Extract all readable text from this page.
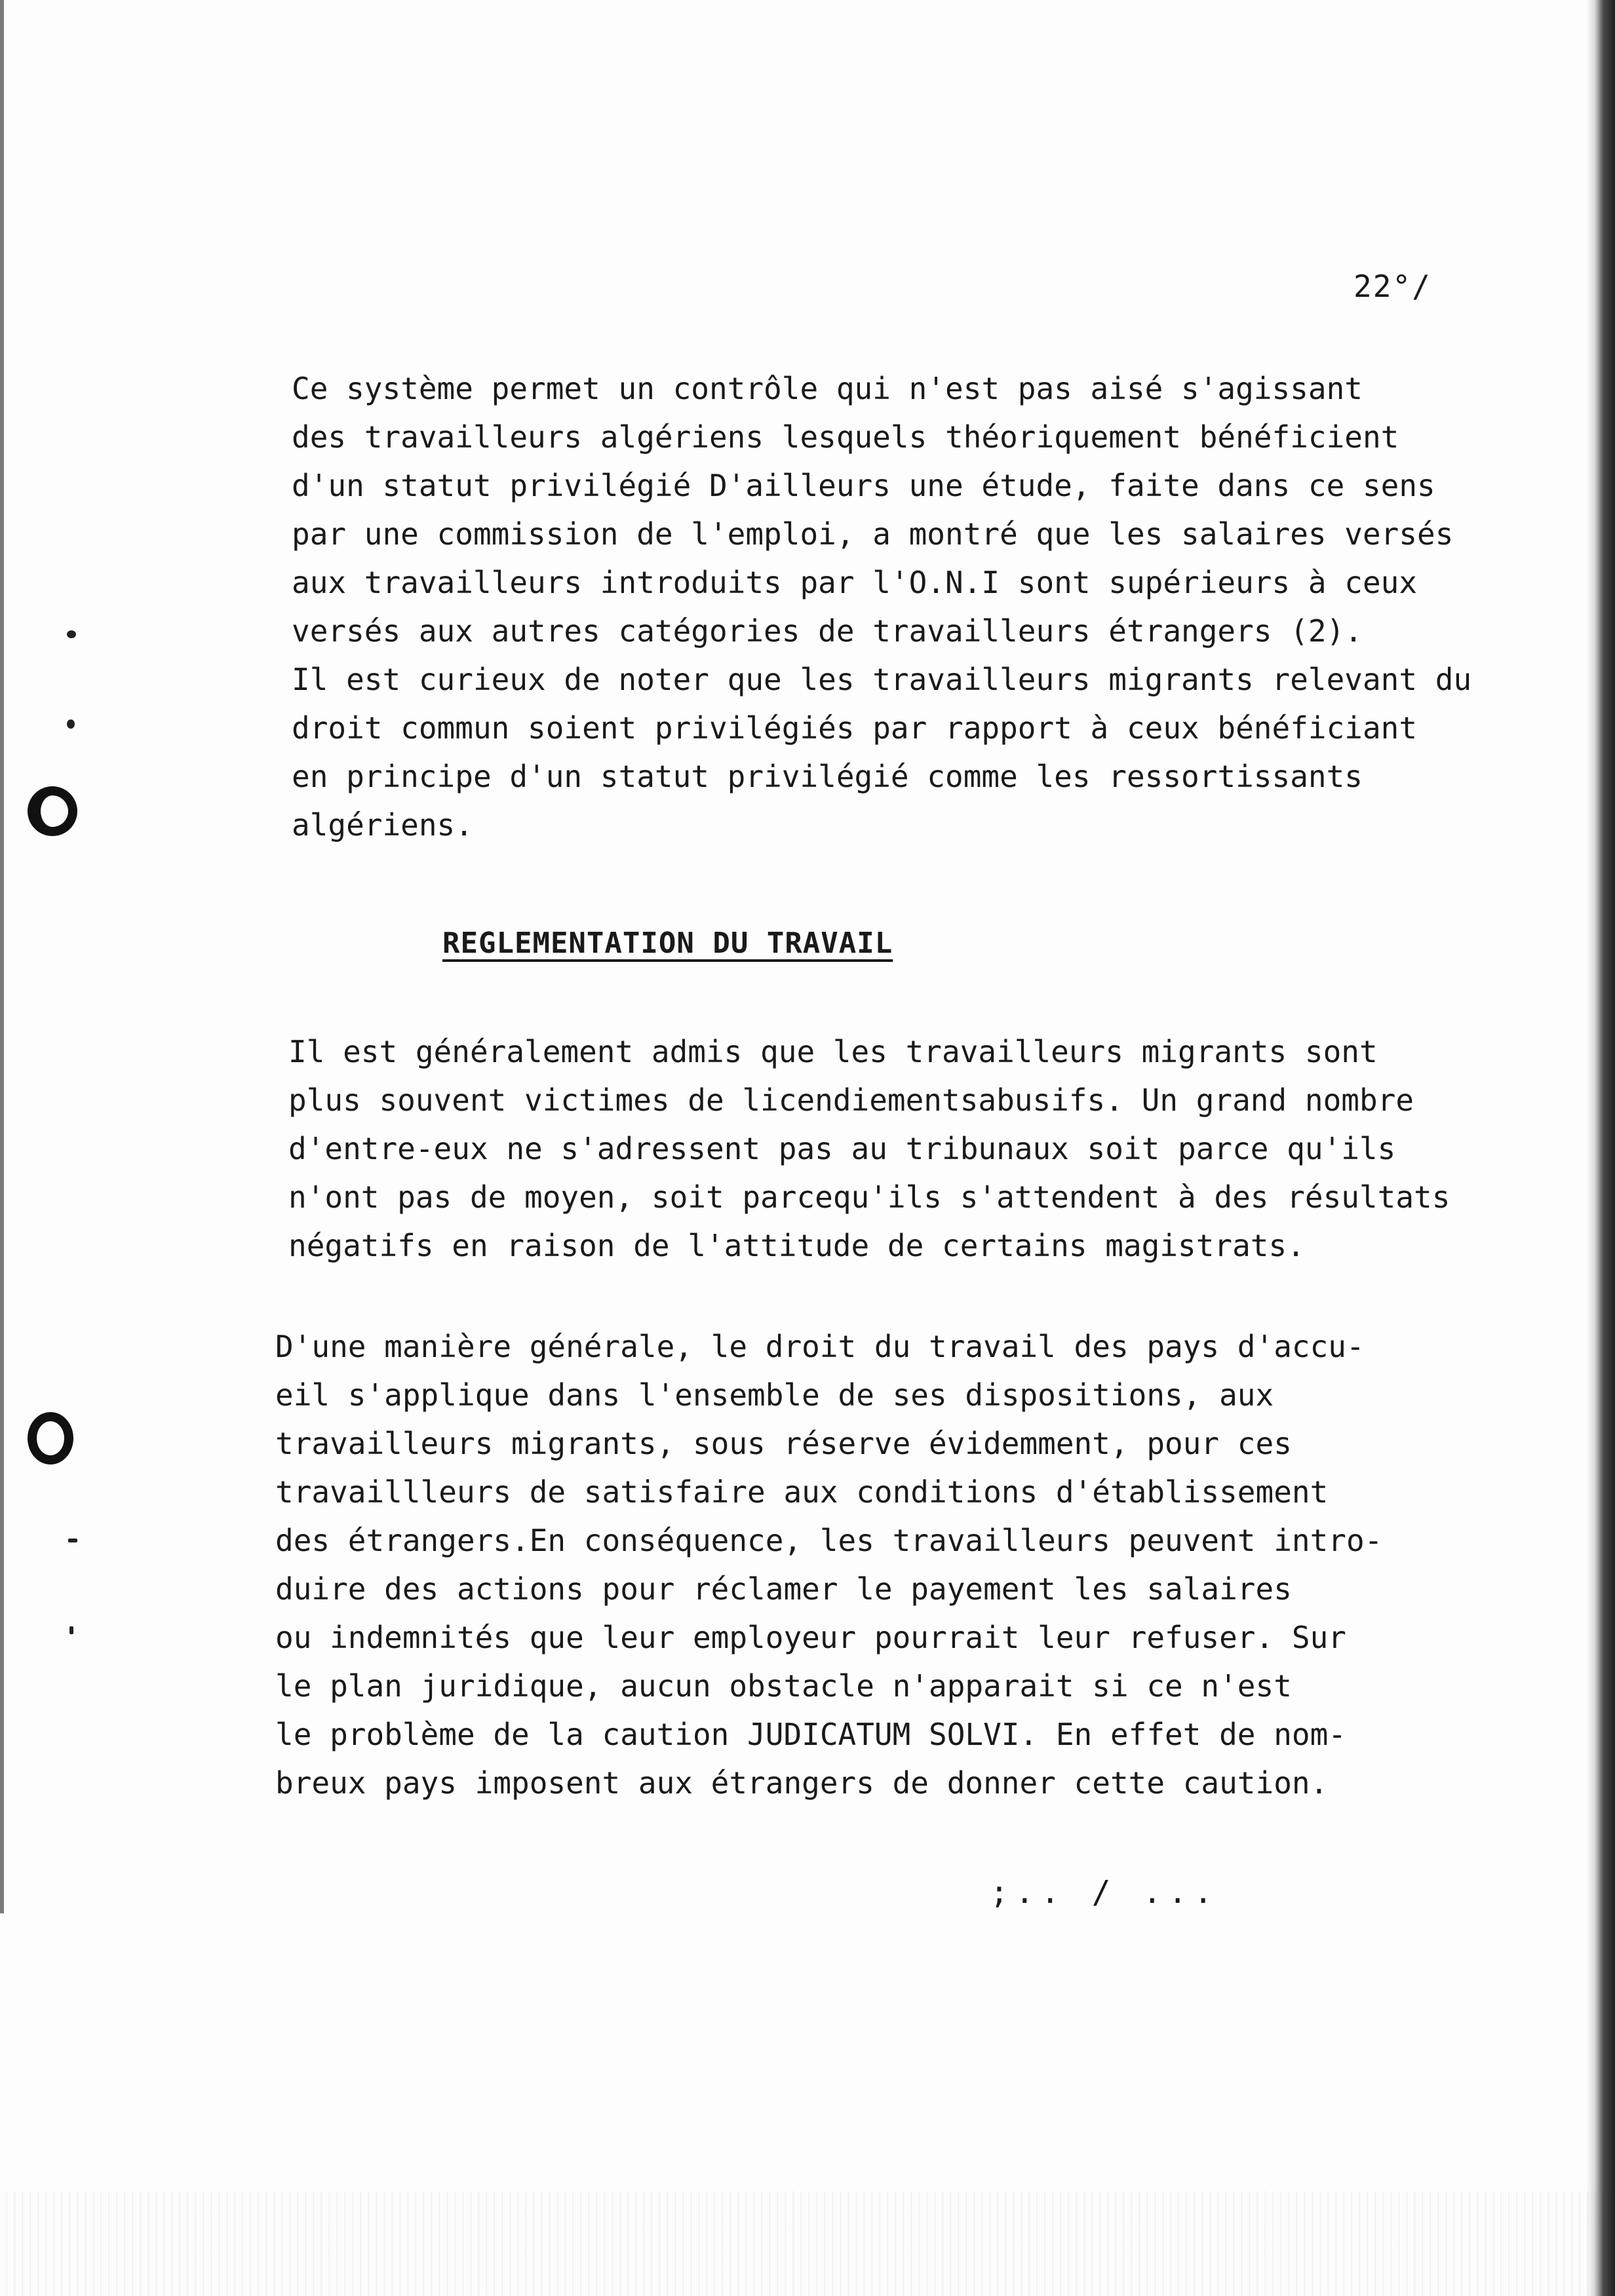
22°/
Ce système permet un contrôle qui n'est pas aisé s'agissant
des travailleurs algériens lesquels théoriquement bénéficient
d'un statut privilégié D'ailleurs une étude, faite dans ce sens
par une commission de l'emploi, a montré que les salaires versés
aux travailleurs introduits par l'O.N.I sont supérieurs à ceux
versés aux autres catégories de travailleurs étrangers (2).
Il est curieux de noter que les travailleurs migrants relevant du
droit commun soient privilégiés par rapport à ceux bénéficiant
en principe d'un statut privilégié comme les ressortissants
algériens.
REGLEMENTATION DU TRAVAIL
Il est généralement admis que les travailleurs migrants sont
plus souvent victimes de licendiementsabusifs. Un grand nombre
d'entre-eux ne s'adressent pas au tribunaux soit parce qu'ils
n'ont pas de moyen, soit parcequ'ils s'attendent à des résultats
négatifs en raison de l'attitude de certains magistrats.
D'une manière générale, le droit du travail des pays d'accu-
eil s'applique dans l'ensemble de ses dispositions, aux
travailleurs migrants, sous réserve évidemment, pour ces
travaillleurs de satisfaire aux conditions d'établissement
des étrangers.En conséquence, les travailleurs peuvent intro-
duire des actions pour réclamer le payement les salaires
ou indemnités que leur employeur pourrait leur refuser. Sur
le plan juridique, aucun obstacle n'apparait si ce n'est
le problème de la caution JUDICATUM SOLVI. En effet de nom-
breux pays imposent aux étrangers de donner cette caution.
;.. / ...
